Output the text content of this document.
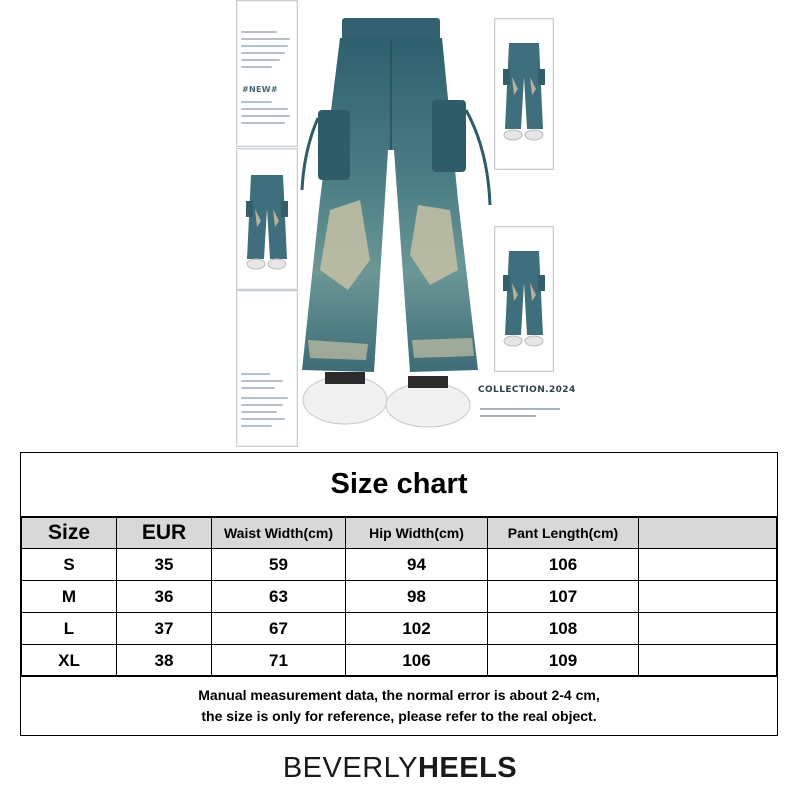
#NEW#
COLLECTION.2024
Size chart
Size	EUR	Waist Width(cm)	Hip Width(cm)	Pant Length(cm)	
S	35	59	94	106	
M	36	63	98	107	
L	37	67	102	108	
XL	38	71	106	109	
Manual measurement data, the normal error is about 2-4 cm,
the size is only for reference, please refer to the real object.
BEVERLYHEELS
